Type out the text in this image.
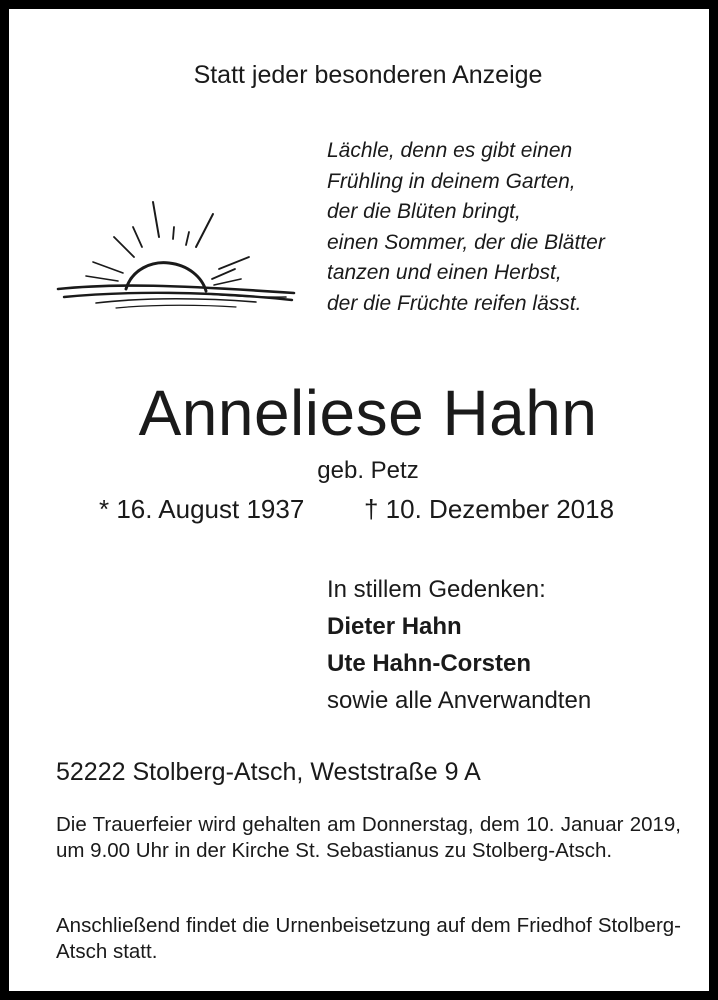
Statt jeder besonderen Anzeige
Lächle, denn es gibt einen
Frühling in deinem Garten,
der die Blüten bringt,
einen Sommer, der die Blätter
tanzen und einen Herbst,
der die Früchte reifen lässt.
Anneliese Hahn
geb. Petz
* 16. August 1937 † 10. Dezember 2018
In stillem Gedenken:
Dieter Hahn
Ute Hahn-Corsten
sowie alle Anverwandten
52222 Stolberg-Atsch, Weststraße 9 A
Die Trauerfeier wird gehalten am Donnerstag, dem 10. Januar 2019, um 9.00 Uhr in der Kirche St. Sebastianus zu Stolberg-Atsch.
Anschließend findet die Urnenbeisetzung auf dem Friedhof Stolberg-Atsch statt.
